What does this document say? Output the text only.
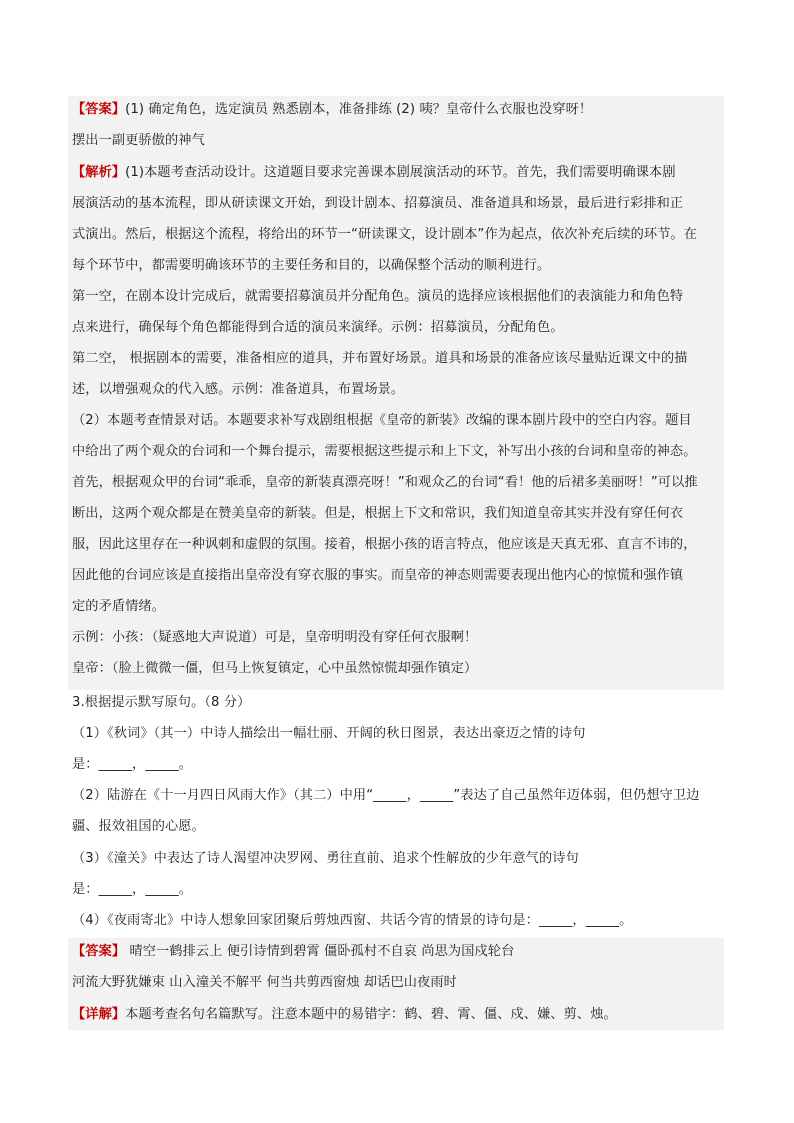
【答案】(1) 确定角色，选定演员 熟悉剧本，准备排练 (2) 咦？皇帝什么衣服也没穿呀！
摆出一副更骄傲的神气
【解析】(1)本题考查活动设计。这道题目要求完善课本剧展演活动的环节。首先，我们需要明确课本剧
展演活动的基本流程，即从研读课文开始，到设计剧本、招募演员、准备道具和场景，最后进行彩排和正
式演出。然后，根据这个流程，将给出的环节一“研读课文，设计剧本”作为起点，依次补充后续的环节。在
每个环节中，都需要明确该环节的主要任务和目的，以确保整个活动的顺利进行。
第一空，在剧本设计完成后，就需要招募演员并分配角色。演员的选择应该根据他们的表演能力和角色特
点来进行，确保每个角色都能得到合适的演员来演绎。示例：招募演员，分配角色。
第二空， 根据剧本的需要，准备相应的道具，并布置好场景。道具和场景的准备应该尽量贴近课文中的描
述，以增强观众的代入感。示例：准备道具，布置场景。
（2）本题考查情景对话。本题要求补写戏剧组根据《皇帝的新装》改编的课本剧片段中的空白内容。题目
中给出了两个观众的台词和一个舞台提示，需要根据这些提示和上下文，补写出小孩的台词和皇帝的神态。
首先，根据观众甲的台词“乖乖，皇帝的新装真漂亮呀！”和观众乙的台词“看！他的后裙多美丽呀！”可以推
断出，这两个观众都是在赞美皇帝的新装。但是，根据上下文和常识，我们知道皇帝其实并没有穿任何衣
服，因此这里存在一种讽刺和虚假的氛围。接着，根据小孩的语言特点，他应该是天真无邪、直言不讳的，
因此他的台词应该是直接指出皇帝没有穿衣服的事实。而皇帝的神态则需要表现出他内心的惊慌和强作镇
定的矛盾情绪。
示例：小孩：（疑惑地大声说道）可是，皇帝明明没有穿任何衣服啊！
皇帝：（脸上微微一僵，但马上恢复镇定，心中虽然惊慌却强作镇定）
3.根据提示默写原句。（8 分）
（1）《秋词》（其一）中诗人描绘出一幅壮丽、开阔的秋日图景，表达出豪迈之情的诗句
是：_____，_____。
（2）陆游在《十一月四日风雨大作》（其二）中用“_____，_____”表达了自己虽然年迈体弱，但仍想守卫边
疆、报效祖国的心愿。
（3）《潼关》中表达了诗人渴望冲决罗网、勇往直前、追求个性解放的少年意气的诗句
是：_____，_____。
（4）《夜雨寄北》中诗人想象回家团聚后剪烛西窗、共话今宵的情景的诗句是：_____，_____。
【答案】 晴空一鹤排云上 便引诗情到碧霄 僵卧孤村不自哀 尚思为国戍轮台
河流大野犹嫌束 山入潼关不解平 何当共剪西窗烛 却话巴山夜雨时
【详解】本题考查名句名篇默写。注意本题中的易错字：鹤、碧、霄、僵、戍、嫌、剪、烛。
